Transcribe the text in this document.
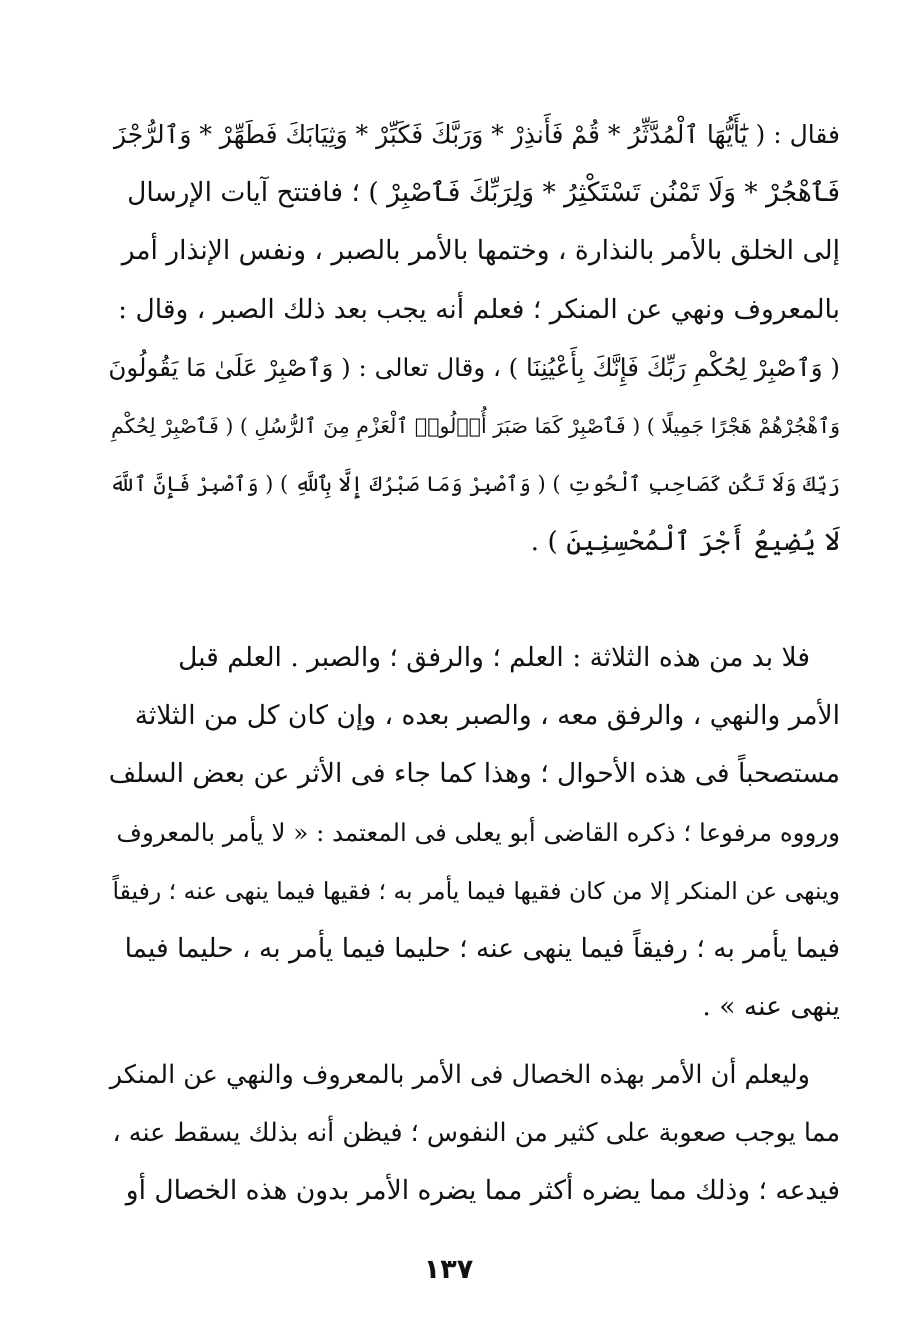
فقال : ( يَٰٓأَيُّهَا ٱلْمُدَّثِّرُ * قُمْ فَأَنذِرْ * وَرَبَّكَ فَكَبِّرْ * وَثِيَابَكَ فَطَهِّرْ * وَٱلرُّجْزَ
فَٱهْجُرْ * وَلَا تَمْنُن تَسْتَكْثِرُ * وَلِرَبِّكَ فَٱصْبِرْ ) ؛ فافتتح آيات الإرسال
إلى الخلق بالأمر بالنذارة ، وختمها بالأمر بالصبر ، ونفس الإنذار أمر
بالمعروف ونهي عن المنكر ؛ فعلم أنه يجب بعد ذلك الصبر ، وقال :
( وَٱصْبِرْ لِحُكْمِ رَبِّكَ فَإِنَّكَ بِأَعْيُنِنَا ) ، وقال تعالى : ( وَٱصْبِرْ عَلَىٰ مَا يَقُولُونَ
وَٱهْجُرْهُمْ هَجْرًا جَمِيلًا ) ( فَٱصْبِرْ كَمَا صَبَرَ أُو۟لُوا۟ ٱلْعَزْمِ مِنَ ٱلرُّسُلِ ) ( فَٱصْبِرْ لِحُكْمِ
رَبِّكَ وَلَا تَكُن كَصَاحِبِ ٱلْحُوتِ ) ( وَٱصْبِرْ وَمَا صَبْرُكَ إِلَّا بِٱللَّهِ ) ( وَٱصْبِرْ فَإِنَّ ٱللَّهَ
لَا يُضِيعُ أَجْرَ ٱلْمُحْسِنِينَ ) .
فلا بد من هذه الثلاثة : العلم ؛ والرفق ؛ والصبر . العلم قبل
الأمر والنهي ، والرفق معه ، والصبر بعده ، وإن كان كل من الثلاثة
مستصحباً فى هذه الأحوال ؛ وهذا كما جاء فى الأثر عن بعض السلف
ورووه مرفوعا ؛ ذكره القاضى أبو يعلى فى المعتمد : « لا يأمر بالمعروف
وينهى عن المنكر إلا من كان فقيها فيما يأمر به ؛ فقيها فيما ينهى عنه ؛ رفيقاً
فيما يأمر به ؛ رفيقاً فيما ينهى عنه ؛ حليما فيما يأمر به ، حليما فيما
ينهى عنه » .
وليعلم أن الأمر بهذه الخصال فى الأمر بالمعروف والنهي عن المنكر
مما يوجب صعوبة على كثير من النفوس ؛ فيظن أنه بذلك يسقط عنه ،
فيدعه ؛ وذلك مما يضره أكثر مما يضره الأمر بدون هذه الخصال أو
١٣٧
